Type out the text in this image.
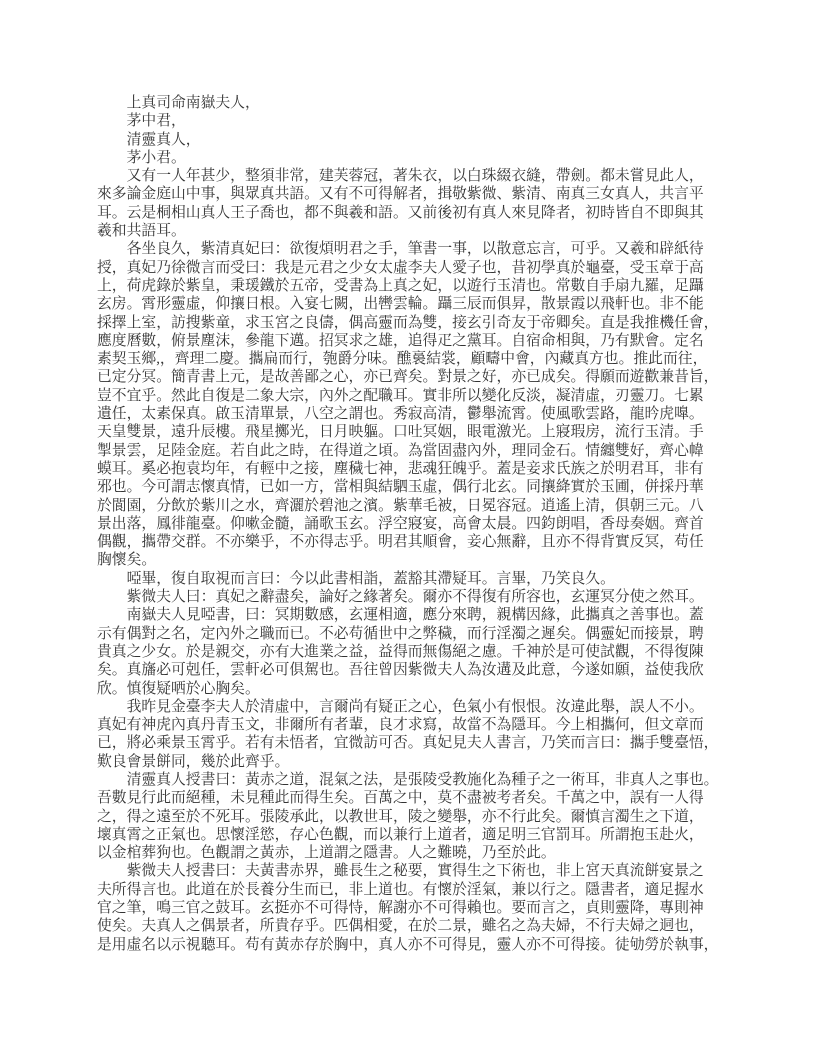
上真司命南嶽夫人，
茅中君，
清靈真人，
茅小君。
又有一人年甚少，整須非常，建芙蓉冠，著朱衣，以白珠綴衣縫，帶劍。都未嘗見此人，
來多論金庭山中事，與眾真共語。又有不可得解者，揖敬紫微、紫清、南真三女真人，共言平
耳。云是桐相山真人王子喬也，都不與羲和語。又前後初有真人來見降者，初時皆自不即與其
羲和共語耳。
各坐良久，紫清真妃曰：欲復煩明君之手，筆書一事，以散意忘言，可乎。又羲和辟紙待
授，真妃乃徐微言而受曰：我是元君之少女太虛李夫人愛子也，昔初學真於龜臺，受玉章于高
上，荷虎錄於紫皇，秉瑗鐵於五帝，受書為上真之妃，以遊行玉清也。常數自手扇九羅，足躡
玄房。霄形靈虛，仰攘日根。入宴七闕，出轡雲輪。躡三辰而俱昇，散景霞以飛軒也。非不能
採擇上室，訪搜紫童，求玉宮之良儔，偶高靈而為雙，接玄引奇友于帝卿矣。直是我推機任會，
應度曆數，俯景塵沫，參龍下邁。招冥求之雄，追得疋之黨耳。自宿命相與，乃有默會。定名
素契玉鄉,，齊理二慶。攜扁而行，匏爵分味。醮裛結裳，顧疇中會，內藏真方也。推此而往，
已定分冥。簡青書上元，是故善鄙之心，亦已齊矣。對景之好，亦已成矣。得願而遊歡兼昔旨，
豈不宜乎。然此自復是二象大宗，內外之配職耳。實非所以變化反淡，凝清虛，刃靈刀。七累
遺任，太素保真。啟玉清單景，八空之謂也。秀寂高清，鬱舉流霄。使風歌雲路，龍昑虎嘷。
天皇雙景，遠升辰樓。飛星擲光，日月映軀。口吐冥姻，眼電激光。上寢瑕房，流行玉清。手
掣景雲，足陸金庭。若自此之時，在得道之頃。為當固盡內外，理同金石。情纏雙好，齊心幃
蟆耳。奚必抱袁均年，有輕中之接，塵穢七神，悲魂狂魄乎。蓋是妾求氏族之於明君耳，非有
邪也。今可謂志懷真情，已如一方，當相與結駟玉虛，偶行北玄。同攘絳實於玉圃，併採丹華
於閬園，分飲於紫川之水，齊灑於碧池之濱。紫華毛被，日冕容冠。逍遙上清，俱朝三元。八
景出落，鳳徘龍臺。仰嗽金髓，誦歌玉玄。浮空寢宴，高會太晨。四鈞朗唱，香母奏姻。齊首
偶觀，攜帶交群。不亦樂乎，不亦得志乎。明君其順會，妾心無辭，且亦不得背實反冥，苟任
胸懷矣。
啞畢，復自取視而言曰：今以此書相詣，蓋豁其滯疑耳。言畢，乃笑良久。
紫微夫人曰：真妃之辭盡矣，論好之緣著矣。爾亦不得復有所容也，玄運冥分使之然耳。
南嶽夫人見啞書，曰：冥期數感，玄運相適，應分來聘，親構因緣，此攜真之善事也。蓋
示有偶對之名，定內外之職而已。不必苟循世中之弊穢，而行淫濁之遲矣。偶靈妃而接景，聘
貴真之少女。於是親交，亦有大進業之益，益得而無傷絕之慮。千神於是可使試觀，不得復陳
矣。真旛必可剋任，雲軒必可俱駕也。吾往曾因紫微夫人為汝遘及此意，今遂如願，益使我欣
欣。慎復疑哂於心胸矣。
我昨見金臺李夫人於清虛中，言爾尚有疑正之心，色氣小有恨恨。汝違此舉，誤人不小。
真妃有神虎內真丹青玉文，非爾所有者輩，良才求寫，故當不為隱耳。今上相攜何，但文章而
已，將必乘景玉霄乎。若有未悟者，宜微訪可否。真妃見夫人書言，乃笑而言曰：攜手雙臺悟，
歎良會景餅同，幾於此齊乎。
清靈真人授書曰：黃赤之道，混氣之法，是張陵受教施化為種子之一術耳，非真人之事也。
吾數見行此而絕種，未見種此而得生矣。百萬之中，莫不盡被考者矣。千萬之中，誤有一人得
之，得之遠至於不死耳。張陵承此，以教世耳，陵之變舉，亦不行此矣。爾慎言濁生之下道，
壞真霄之正氣也。思懷淫慾，存心色觀，而以兼行上道者，適足明三官罰耳。所謂抱玉赴火，
以金棺葬狗也。色觀謂之黃赤，上道謂之隱書。人之難曉，乃至於此。
紫微夫人授書曰：夫黃書赤界，雖長生之秘要，實得生之下術也，非上宮天真流餅宴景之
夫所得言也。此道在於長養分生而已，非上道也。有懷於淫氣，兼以行之。隱書者，適足握水
官之筆，鳴三官之鼓耳。玄挺亦不可得恃，解謝亦不可得賴也。要而言之，貞則靈降，專則神
使矣。夫真人之偶景者，所貴存乎。匹偶相愛，在於二景，雖名之為夫婦，不行夫婦之迵也，
是用虛名以示視聽耳。苟有黃赤存於胸中，真人亦不可得見，靈人亦不可得接。徒劬勞於執事，
